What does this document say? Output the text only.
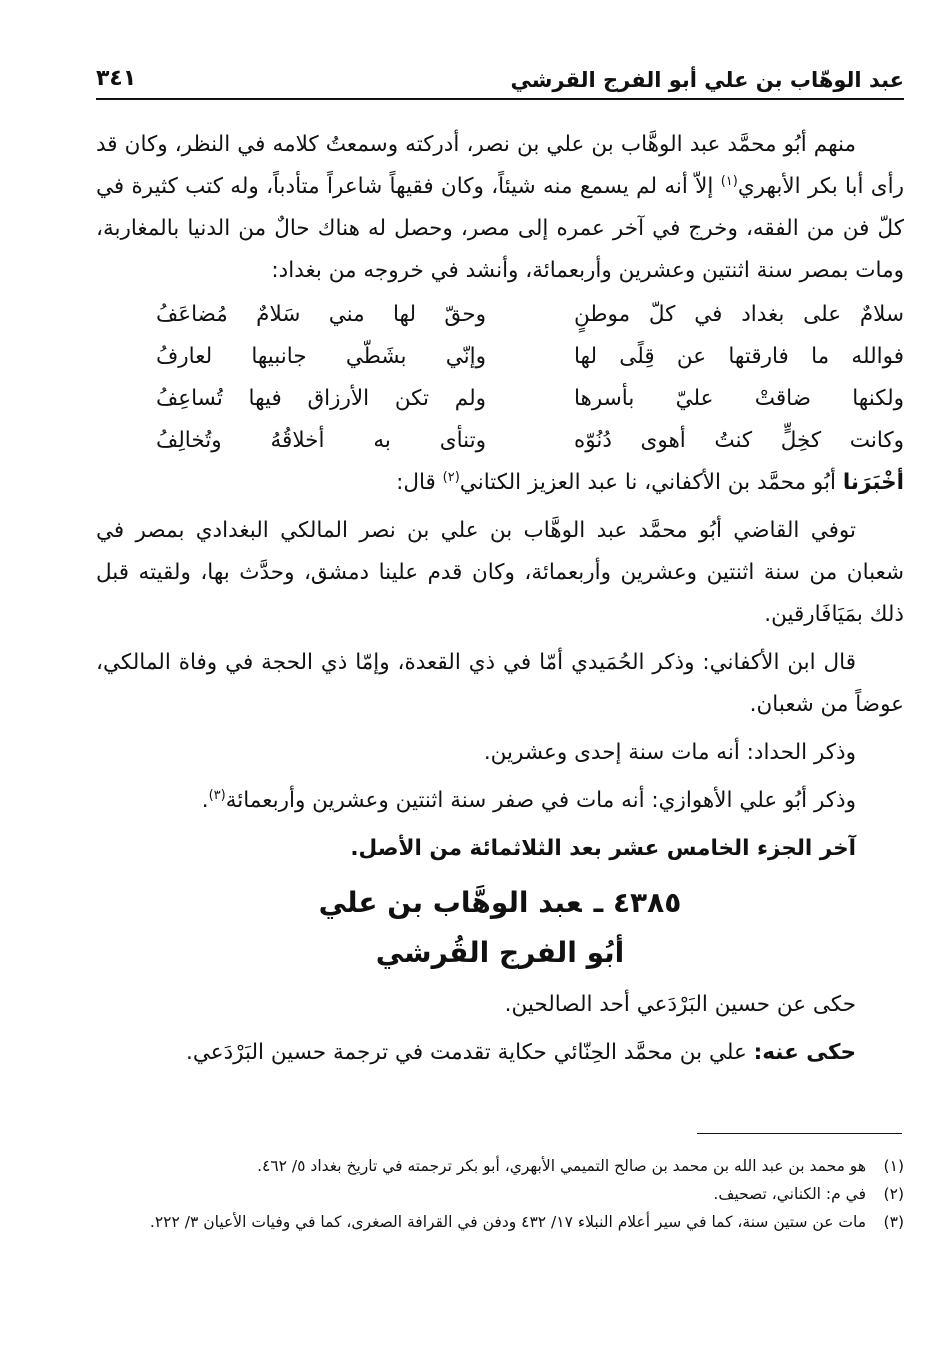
عبد الوهّاب بن علي أبو الفرج القرشي
٣٤١

منهم أبُو محمَّد عبد الوهَّاب بن علي بن نصر، أدركته وسمعتُ كلامه في النظر، وكان قد رأى أبا بكر الأبهري$^{(١)}$ إلاّ أنه لم يسمع منه شيئاً، وكان فقيهاً شاعراً متأدباً، وله كتب كثيرة في كلّ فن من الفقه، وخرج في آخر عمره إلى مصر، وحصل له هناك حالٌ من الدنيا بالمغاربة، ومات بمصر سنة اثنتين وعشرين وأربعمائة، وأنشد في خروجه من بغداد:

سلامٌ على بغداد في كلّ موطنٍ
وحقّ لها مني سَلامٌ مُضاعَفُ
فوالله ما فارقتها عن قِلًى لها
وإنّي بشَطّي جانبيها لعارفُ
ولكنها ضاقتْ عليّ بأسرها
ولم تكن الأرزاق فيها تُساعِفُ
وكانت كخِلٍّ كنتُ أهوى دُنُوّه
وتنأى به أخلاقُهُ وتُخالِفُ

أخْبَرَنا أبُو محمَّد بن الأكفاني، نا عبد العزيز الكتاني$^{(٢)}$ قال:

توفي القاضي أبُو محمَّد عبد الوهَّاب بن علي بن نصر المالكي البغدادي بمصر في شعبان من سنة اثنتين وعشرين وأربعمائة، وكان قدم علينا دمشق، وحدَّث بها، ولقيته قبل ذلك بمَيَافَارقين.

قال ابن الأكفاني: وذكر الحُمَيدي أمّا في ذي القعدة، وإمّا ذي الحجة في وفاة المالكي، عوضاً من شعبان.

وذكر الحداد: أنه مات سنة إحدى وعشرين.

وذكر أبُو علي الأهوازي: أنه مات في صفر سنة اثنتين وعشرين وأربعمائة$^{(٣)}$.

آخر الجزء الخامس عشر بعد الثلاثمائة من الأصل.

٤٣٨٥ ـعبد الوهَّاب بن علي
أبُو الفرج القُرشي

حكى عن حسين البَرْدَعي أحد الصالحين.

حكى عنه: علي بن محمَّد الحِنّائي حكاية تقدمت في ترجمة حسين البَرْدَعي.

(١)
هو محمد بن عبد الله بن محمد بن صالح التميمي الأبهري، أبو بكر ترجمته في تاريخ بغداد ٥/ ٤٦٢.
(٢)
في م: الكناني، تصحيف.
(٣)
مات عن ستين سنة، كما في سير أعلام النبلاء ١٧/ ٤٣٢ ودفن في القرافة الصغرى، كما في وفيات الأعيان ٣/ ٢٢٢.
